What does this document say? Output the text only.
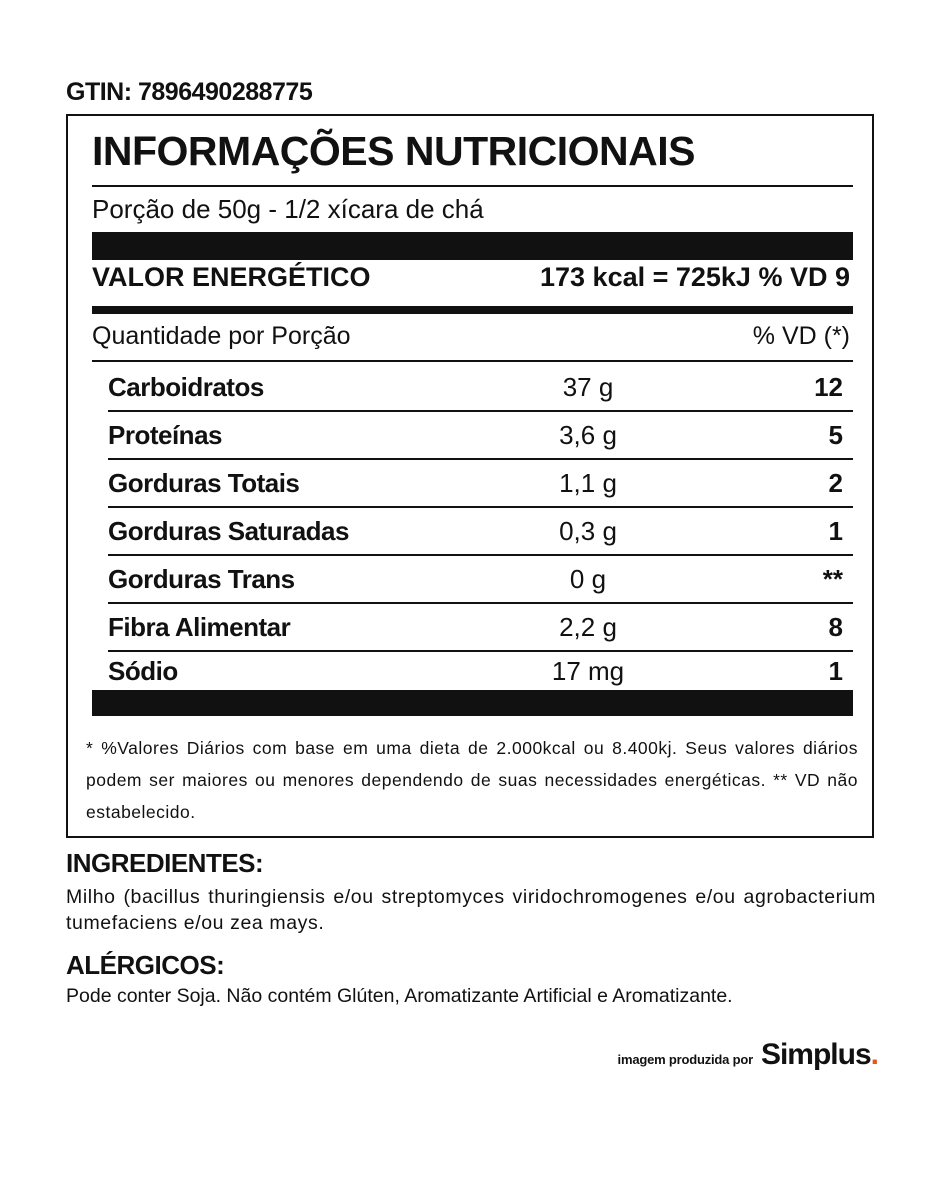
GTIN: 7896490288775
INFORMAÇÕES NUTRICIONAIS
Porção de 50g - 1/2 xícara de chá
VALOR ENERGÉTICO	173 kcal = 725kJ % VD 9
Quantidade por Porção	% VD (*)
Carboidratos	37 g	12
Proteínas	3,6 g	5
Gorduras Totais	1,1 g	2
Gorduras Saturadas	0,3 g	1
Gorduras Trans	0 g	**
Fibra Alimentar	2,2 g	8
Sódio	17 mg	1
* %Valores Diários com base em uma dieta de 2.000kcal ou 8.400kj. Seus valores diários podem ser maiores ou menores dependendo de suas necessidades energéticas. ** VD não estabelecido.
INGREDIENTES:
Milho (bacillus thuringiensis e/ou streptomyces viridochromogenes e/ou agrobacterium tumefaciens e/ou zea mays.
ALÉRGICOS:
Pode conter Soja. Não contém Glúten, Aromatizante Artificial e Aromatizante.
imagem produzida por Simplus.
